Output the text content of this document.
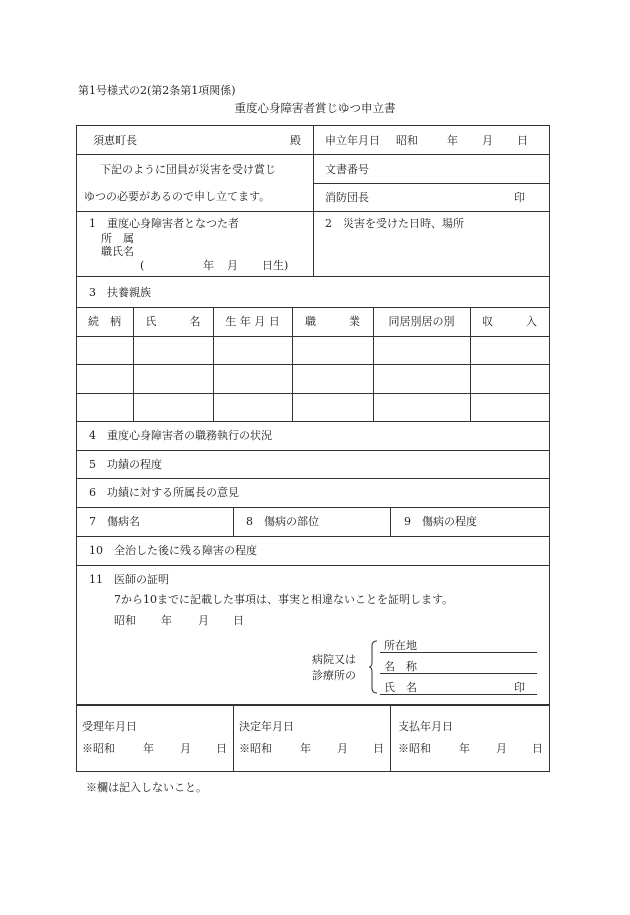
第1号様式の2(第2条第1項関係)
重度心身障害者賞じゆつ申立書
須恵町長	殿 申立年月日 昭和	年 月 日
下記のように団員が災害を受け賞じ
ゆつの必要があるので申し立てます。
文書番号
消防団長	印
1　重度心身障害者となつた者
所　属
職氏名
(	年 月 日生)
2　災害を受けた日時、場所
3　扶養親族
続　柄	氏　　　名	生 年 月 日	職　　　業	同居別居の別	収　　　入
4　重度心身障害者の職務執行の状況
5　功績の程度
6　功績に対する所属長の意見
7　傷病名	8　傷病の部位	9　傷病の程度
10　全治した後に残る障害の程度
11　医師の証明
7から10までに記載した事項は、事実と相違ないことを証明します。
昭和 年 月 日
病院又は
診療所の
所在地
名　称
氏　名	印
受理年月日
※昭和	年 月 日
決定年月日
※昭和	年 月 日
支払年月日
※昭和	年 月 日
※欄は記入しないこと。
